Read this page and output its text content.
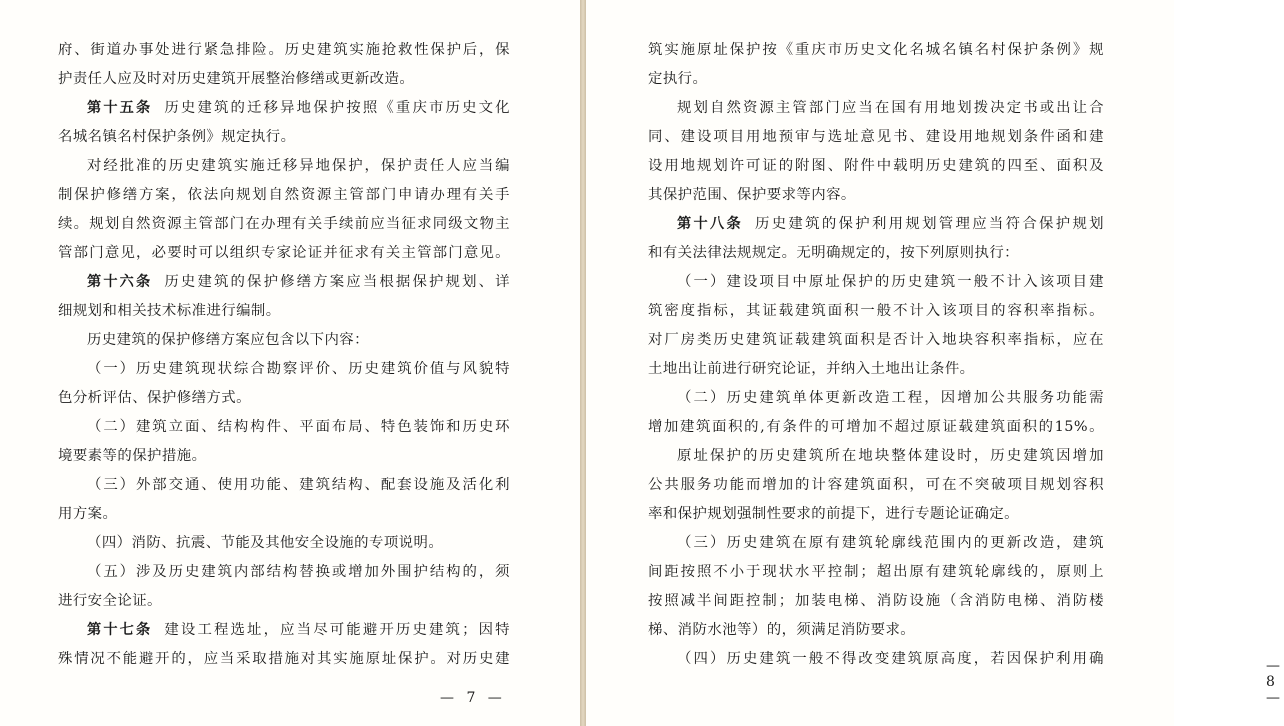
府、街道办事处进行紧急排险。历史建筑实施抢救性保护后，保
护责任人应及时对历史建筑开展整治修缮或更新改造。
第十五条 历史建筑的迁移异地保护按照《重庆市历史文化
名城名镇名村保护条例》规定执行。
对经批准的历史建筑实施迁移异地保护，保护责任人应当编
制保护修缮方案，依法向规划自然资源主管部门申请办理有关手
续。规划自然资源主管部门在办理有关手续前应当征求同级文物主
管部门意见，必要时可以组织专家论证并征求有关主管部门意见。
第十六条 历史建筑的保护修缮方案应当根据保护规划、详
细规划和相关技术标准进行编制。
历史建筑的保护修缮方案应包含以下内容：
（一）历史建筑现状综合勘察评价、历史建筑价值与风貌特
色分析评估、保护修缮方式。
（二）建筑立面、结构构件、平面布局、特色装饰和历史环
境要素等的保护措施。
（三）外部交通、使用功能、建筑结构、配套设施及活化利
用方案。
（四）消防、抗震、节能及其他安全设施的专项说明。
（五）涉及历史建筑内部结构替换或增加外围护结构的，须
进行安全论证。
第十七条 建设工程选址，应当尽可能避开历史建筑；因特
殊情况不能避开的，应当采取措施对其实施原址保护。对历史建
— 7 —
筑实施原址保护按《重庆市历史文化名城名镇名村保护条例》规
定执行。
规划自然资源主管部门应当在国有用地划拨决定书或出让合
同、建设项目用地预审与选址意见书、建设用地规划条件函和建
设用地规划许可证的附图、附件中载明历史建筑的四至、面积及
其保护范围、保护要求等内容。
第十八条 历史建筑的保护利用规划管理应当符合保护规划
和有关法律法规规定。无明确规定的，按下列原则执行：
（一）建设项目中原址保护的历史建筑一般不计入该项目建
筑密度指标，其证载建筑面积一般不计入该项目的容积率指标。
对厂房类历史建筑证载建筑面积是否计入地块容积率指标，应在
土地出让前进行研究论证，并纳入土地出让条件。
（二）历史建筑单体更新改造工程，因增加公共服务功能需
增加建筑面积的,有条件的可增加不超过原证载建筑面积的15%。
原址保护的历史建筑所在地块整体建设时，历史建筑因增加
公共服务功能而增加的计容建筑面积，可在不突破项目规划容积
率和保护规划强制性要求的前提下，进行专题论证确定。
（三）历史建筑在原有建筑轮廓线范围内的更新改造，建筑
间距按照不小于现状水平控制；超出原有建筑轮廓线的，原则上
按照减半间距控制；加装电梯、消防设施（含消防电梯、消防楼
梯、消防水池等）的，须满足消防要求。
（四）历史建筑一般不得改变建筑原高度，若因保护利用确	— 8 —
